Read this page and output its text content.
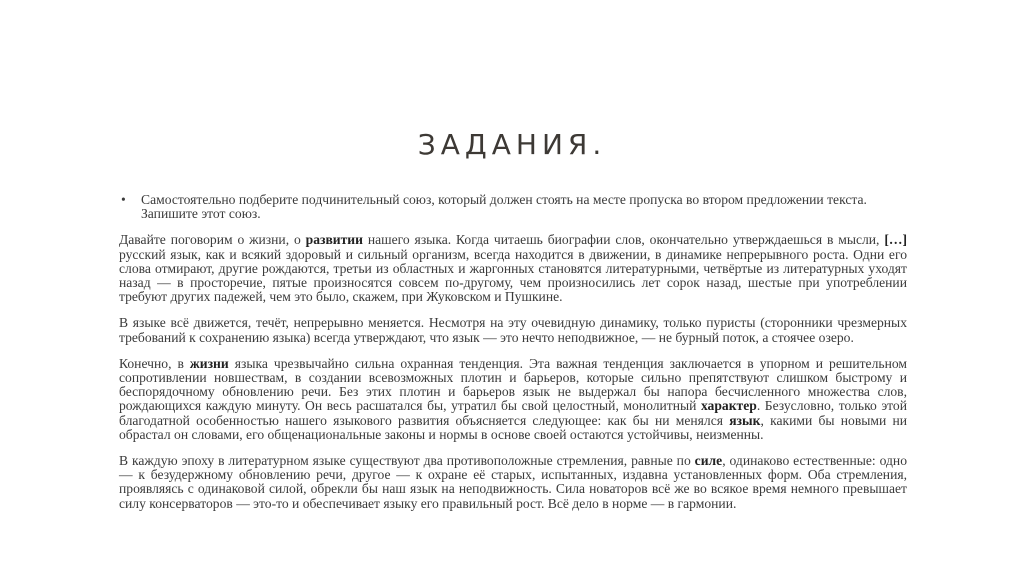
ЗАДАНИЯ.
• Самостоятельно подберите подчинительный союз, который должен стоять на месте пропуска во втором предложении текста. Запишите этот союз.
Давайте поговорим о жизни, о развитии нашего языка. Когда читаешь биографии слов, окончательно утверждаешься в мысли, […] русский язык, как и всякий здоровый и сильный организм, всегда находится в движении, в динамике непрерывного роста. Одни его слова отмирают, другие рождаются, третьи из областных и жаргонных становятся литературными, четвёртые из литературных уходят назад — в просторечие, пятые произносятся совсем по-другому, чем произносились лет сорок назад, шестые при употреблении требуют других падежей, чем это было, скажем, при Жуковском и Пушкине.
В языке всё движется, течёт, непрерывно меняется. Несмотря на эту очевидную динамику, только пуристы (сторонники чрезмерных требований к сохранению языка) всегда утверждают, что язык — это нечто неподвижное, — не бурный поток, а стоячее озеро.
Конечно, в жизни языка чрезвычайно сильна охранная тенденция. Эта важная тенденция заключается в упорном и решительном сопротивлении новшествам, в создании всевозможных плотин и барьеров, которые сильно препятствуют слишком быстрому и беспорядочному обновлению речи. Без этих плотин и барьеров язык не выдержал бы напора бесчисленного множества слов, рождающихся каждую минуту. Он весь расшатался бы, утратил бы свой целостный, монолитный характер. Безусловно, только этой благодатной особенностью нашего языкового развития объясняется следующее: как бы ни менялся язык, какими бы новыми ни обрастал он словами, его общенациональные законы и нормы в основе своей остаются устойчивы, неизменны.
В каждую эпоху в литературном языке существуют два противоположные стремления, равные по силе, одинаково естественные: одно — к безудержному обновлению речи, другое — к охране её старых, испытанных, издавна установленных форм. Оба стремления, проявляясь с одинаковой силой, обрекли бы наш язык на неподвижность. Сила новаторов всё же во всякое время немного превышает силу консерваторов — это-то и обеспечивает языку его правильный рост. Всё дело в норме — в гармонии.
